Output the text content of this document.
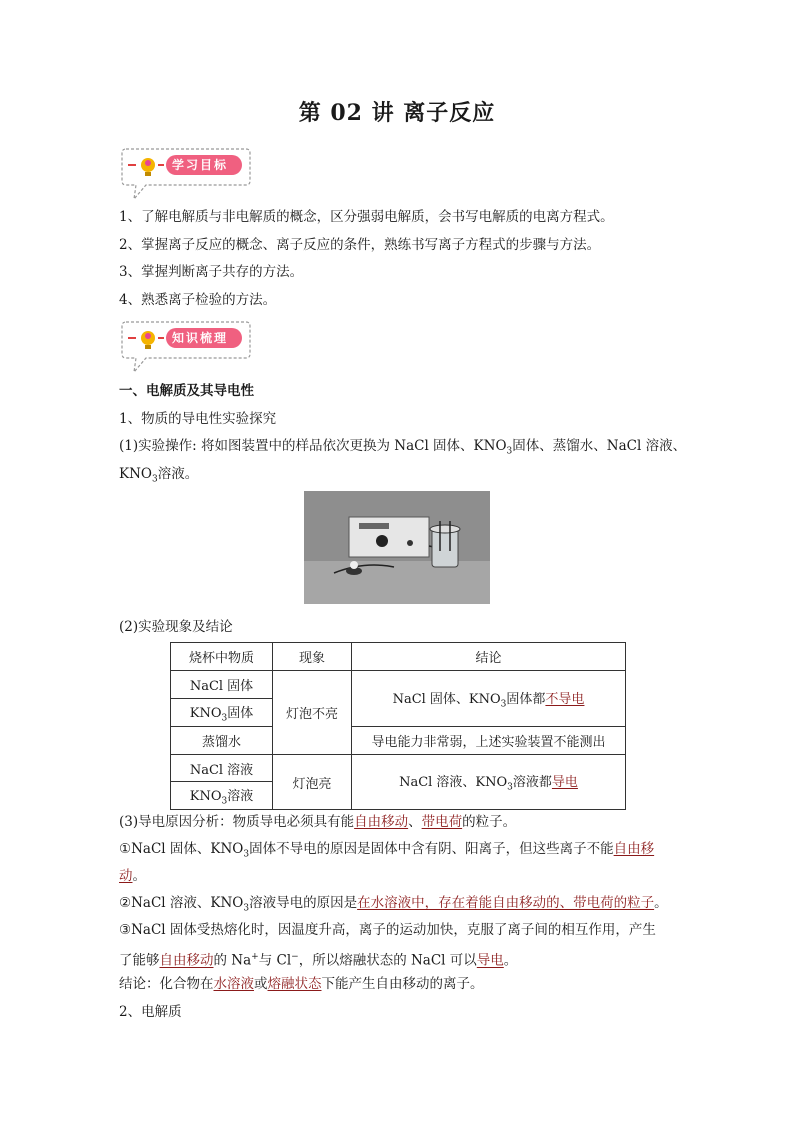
第 02 讲 离子反应
学习目标
1、了解电解质与非电解质的概念，区分强弱电解质，会书写电解质的电离方程式。
2、掌握离子反应的概念、离子反应的条件，熟练书写离子方程式的步骤与方法。
3、掌握判断离子共存的方法。
4、熟悉离子检验的方法。
知识梳理
一、电解质及其导电性
1、物质的导电性实验探究
(1)实验操作: 将如图装置中的样品依次更换为 NaCl 固体、$KNO_3$固体、蒸馏水、NaCl 溶液、
$KNO_3$溶液。
(2)实验现象及结论
烧杯中物质	现象	结论
NaCl 固体	灯泡不亮	NaCl 固体、$KNO_3$固体都不导电
$KNO_3$固体		
蒸馏水		导电能力非常弱，上述实验装置不能测出
NaCl 溶液	灯泡亮	NaCl 溶液、$KNO_3$溶液都导电
$KNO_3$溶液		
(3)导电原因分析：物质导电必须具有能自由移动、带电荷的粒子。
①NaCl 固体、$KNO_3$固体不导电的原因是固体中含有阴、阳离子，但这些离子不能自由移
动。
②NaCl 溶液、$KNO_3$溶液导电的原因是在水溶液中，存在着能自由移动的、带电荷的粒子。
③NaCl 固体受热熔化时，因温度升高，离子的运动加快，克服了离子间的相互作用，产生
了能够自由移动的 Na+与 Cl−，所以熔融状态的 NaCl 可以导电。
结论：化合物在水溶液或熔融状态下能产生自由移动的离子。
2、电解质
